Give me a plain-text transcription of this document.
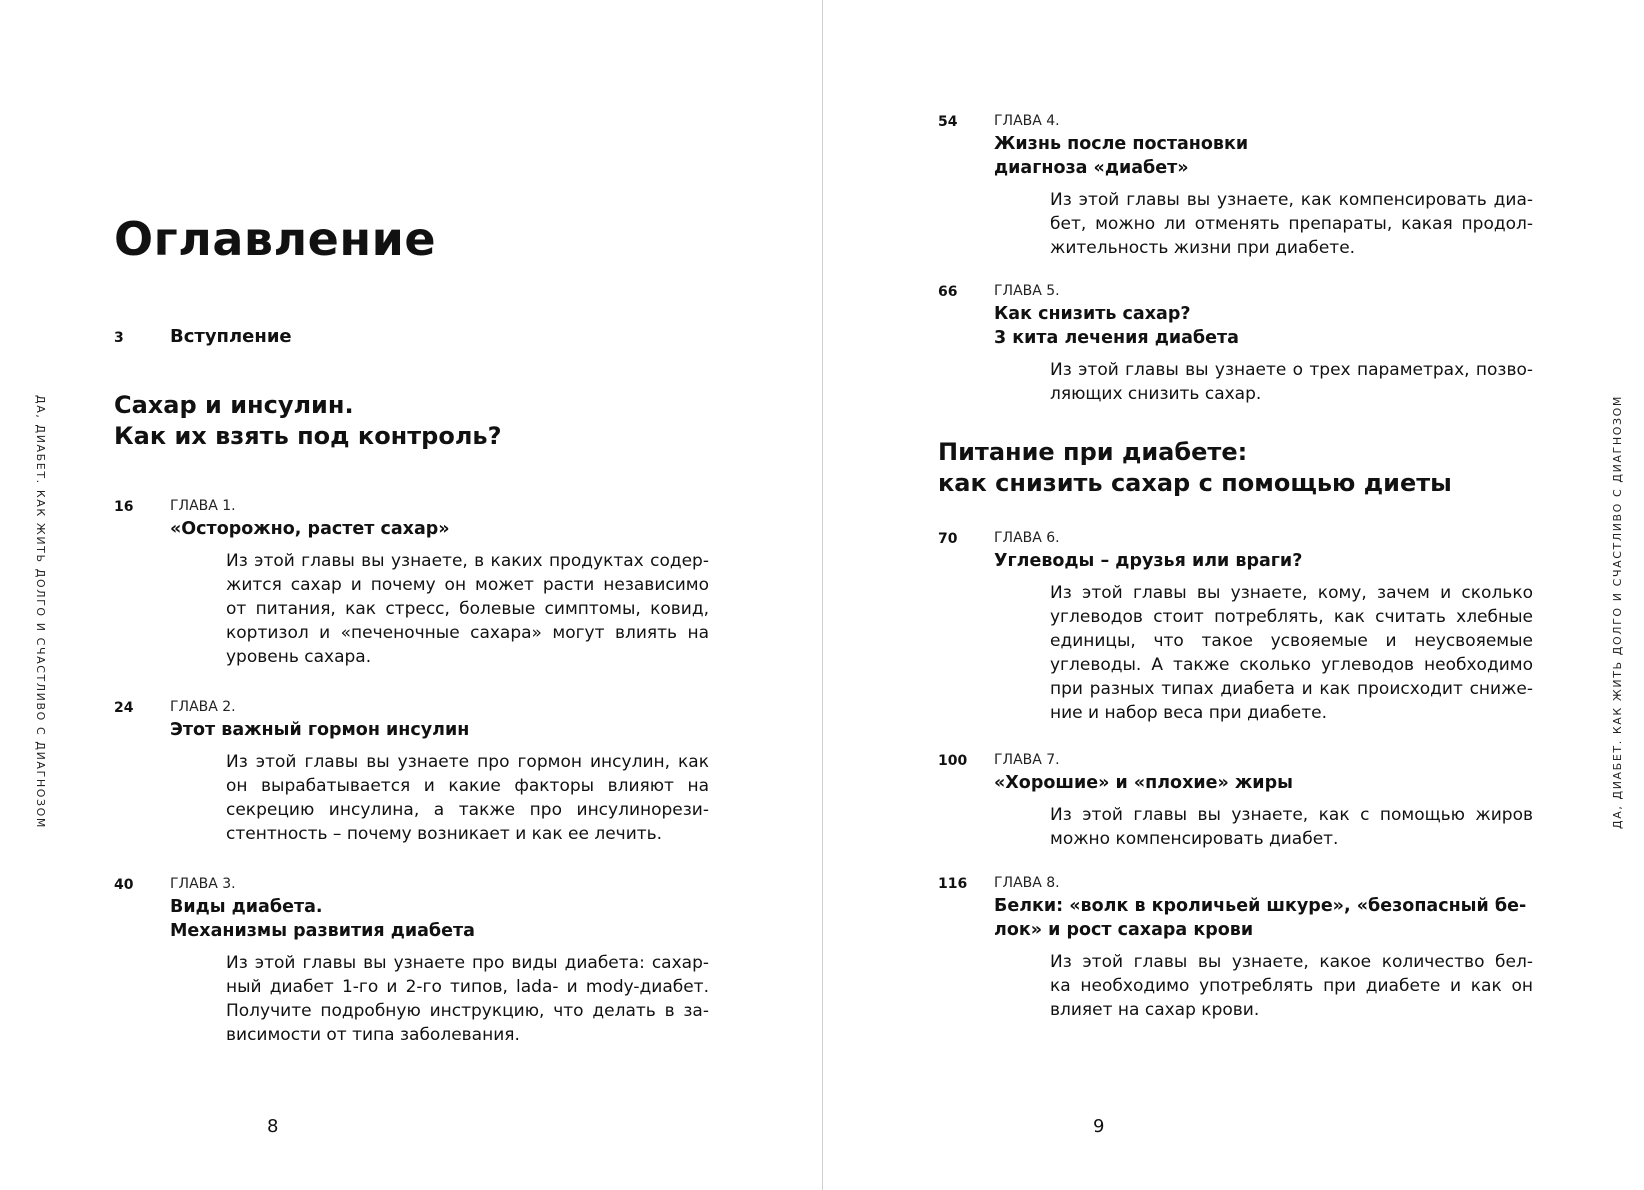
ДА, ДИАБЕТ. КАК ЖИТЬ ДОЛГО И СЧАСТЛИВО С ДИАГНОЗОМ
Оглавление
3	Вступление
Сахар и инсулин.
Как их взять под контроль?
16	ГЛАВА 1.
«Осторожно, растет сахар»
Из этой главы вы узнаете, в каких продуктах содер-
жится сахар и почему он может расти независимо
от питания, как стресс, болевые симптомы, ковид,
кортизол и «печеночные сахара» могут влиять на
уровень сахара.
24	ГЛАВА 2.
Этот важный гормон инсулин
Из этой главы вы узнаете про гормон инсулин, как
он вырабатывается и какие факторы влияют на
секрецию инсулина, а также про инсулинорези-
стентность – почему возникает и как ее лечить.
40	ГЛАВА 3.
Виды диабета.
Механизмы развития диабета
Из этой главы вы узнаете про виды диабета: сахар-
ный диабет 1-го и 2-го типов, lada- и mody-диабет.
Получите подробную инструкцию, что делать в за-
висимости от типа заболевания.
8
ДА, ДИАБЕТ. КАК ЖИТЬ ДОЛГО И СЧАСТЛИВО С ДИАГНОЗОМ
54	ГЛАВА 4.
Жизнь после постановки
диагноза «диабет»
Из этой главы вы узнаете, как компенсировать диа-
бет, можно ли отменять препараты, какая продол-
жительность жизни при диабете.
66	ГЛАВА 5.
Как снизить сахар?
3 кита лечения диабета
Из этой главы вы узнаете о трех параметрах, позво-
ляющих снизить сахар.
Питание при диабете:
как снизить сахар с помощью диеты
70	ГЛАВА 6.
Углеводы – друзья или враги?
Из этой главы вы узнаете, кому, зачем и сколько
углеводов стоит потреблять, как считать хлебные
единицы, что такое усвояемые и неусвояемые
углеводы. А также сколько углеводов необходимо
при разных типах диабета и как происходит сниже-
ние и набор веса при диабете.
100 ГЛАВА 7.
«Хорошие» и «плохие» жиры
Из этой главы вы узнаете, как с помощью жиров
можно компенсировать диабет.
116 ГЛАВА 8.
Белки: «волк в кроличьей шкуре», «безопасный бе-
лок» и рост сахара крови
Из этой главы вы узнаете, какое количество бел-
ка необходимо употреблять при диабете и как он
влияет на сахар крови.
9
